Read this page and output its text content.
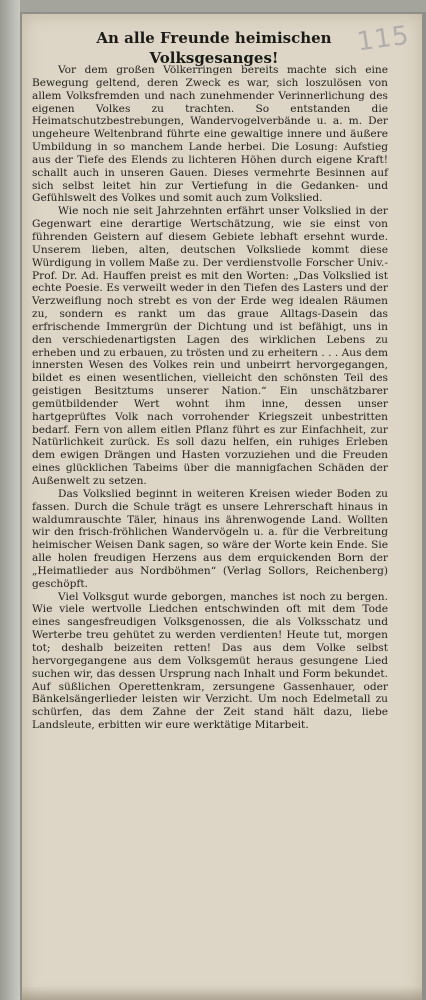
115
An alle Freunde heimischen Volksgesanges!

Vor dem großen Völkerringen bereits machte sich eine Bewegung geltend, deren Zweck es war, sich loszulösen von allem Volksfremden und nach zunehmender Verinnerlichung des eigenen Volkes zu trachten. So entstanden die Heimatschutzbestrebungen, Wandervogelverbände u. a. m. Der ungeheure Weltenbrand führte eine gewaltige innere und äußere Umbildung in so manchem Lande herbei. Die Losung: Aufstieg aus der Tiefe des Elends zu lichteren Höhen durch eigene Kraft! schallt auch in unseren Gauen. Dieses vermehrte Besinnen auf sich selbst leitet hin zur Vertiefung in die Gedanken- und Gefühlswelt des Volkes und somit auch zum Volkslied.

Wie noch nie seit Jahrzehnten erfährt unser Volkslied in der Gegenwart eine derartige Wertschätzung, wie sie einst von führenden Geistern auf diesem Gebiete lebhaft ersehnt wurde. Unserem lieben, alten, deutschen Volksliede kommt diese Würdigung in vollem Maße zu. Der verdienstvolle Forscher Univ.-Prof. Dr. Ad. Hauffen preist es mit den Worten: „Das Volkslied ist echte Poesie. Es verweilt weder in den Tiefen des Lasters und der Verzweiflung noch strebt es von der Erde weg idealen Räumen zu, sondern es rankt um das graue Alltags-Dasein das erfrischende Immergrün der Dichtung und ist befähigt, uns in den verschiedenartigsten Lagen des wirklichen Lebens zu erheben und zu erbauen, zu trösten und zu erheitern . . . Aus dem innersten Wesen des Volkes rein und unbeirrt hervorgegangen, bildet es einen wesentlichen, vielleicht den schönsten Teil des geistigen Besitztums unserer Nation.“ Ein unschätzbarer gemütbildender Wert wohnt ihm inne, dessen unser hartgeprüftes Volk nach vorrohender Kriegszeit unbestritten bedarf. Fern von allem eitlen Pflanz führt es zur Einfachheit, zur Natürlichkeit zurück. Es soll dazu helfen, ein ruhiges Erleben dem ewigen Drängen und Hasten vorzuziehen und die Freuden eines glücklichen Tabeims über die mannigfachen Schäden der Außenwelt zu setzen.

Das Volkslied beginnt in weiteren Kreisen wieder Boden zu fassen. Durch die Schule trägt es unsere Lehrerschaft hinaus in waldumrauschte Täler, hinaus ins ährenwogende Land. Wollten wir den frisch-fröhlichen Wandervögeln u. a. für die Verbreitung heimischer Weisen Dank sagen, so wäre der Worte kein Ende. Sie alle holen freudigen Herzens aus dem erquickenden Born der „Heimatlieder aus Nordböhmen“ (Verlag Sollors, Reichenberg) geschöpft.

Viel Volksgut wurde geborgen, manches ist noch zu bergen. Wie viele wertvolle Liedchen entschwinden oft mit dem Tode eines sangesfreudigen Volksgenossen, die als Volksschatz und Werterbe treu gehütet zu werden verdienten! Heute tut, morgen tot; deshalb beizeiten retten! Das aus dem Volke selbst hervorgegangene aus dem Volksgemüt heraus gesungene Lied suchen wir, das dessen Ursprung nach Inhalt und Form bekundet. Auf süßlichen Operettenkram, zersungene Gassenhauer, oder Bänkelsängerlieder leisten wir Verzicht. Um noch Edelmetall zu schürfen, das dem Zahne der Zeit stand hält dazu, liebe Landsleute, erbitten wir eure werktätige Mitarbeit.
